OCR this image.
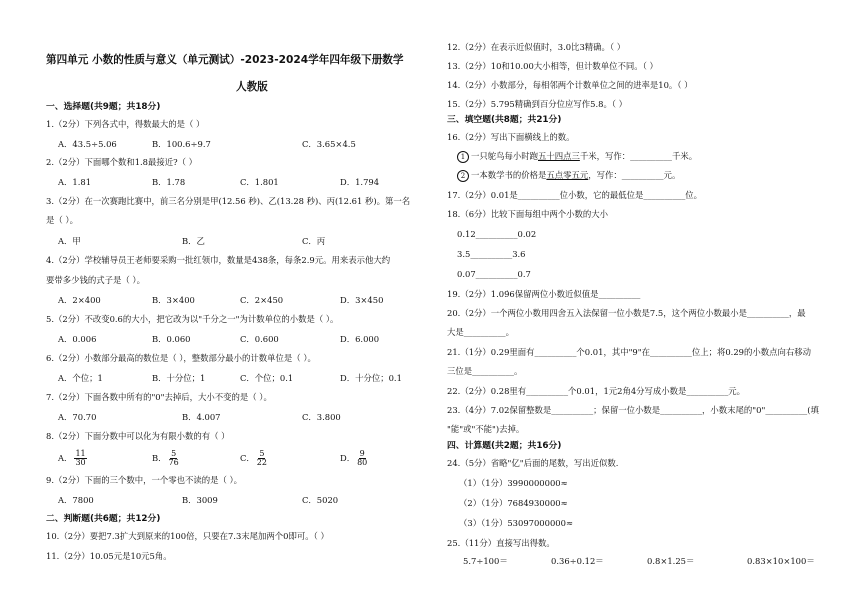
第四单元 小数的性质与意义（单元测试）-2023-2024学年四年级下册数学
人教版
一、选择题(共9题；共18分)
1.（2分）下列各式中，得数最大的是（ ）
A．43.5÷5.06	B．100.6÷9.7	C．3.65×4.5
2.（2分）下面哪个数和1.8最接近?（ ）
A．1.81	B．1.78	C．1.801	D．1.794
3.（2分）在一次赛跑比赛中，前三名分别是甲(12.56 秒)、乙(13.28 秒)、丙(12.61 秒)。第一名
是（ ）。
A．甲	B．乙	C．丙
4.（2分）学校辅导员王老师要采购一批红领巾，数量是438条，每条2.9元。用来表示他大约
要带多少钱的式子是（ ）。
A．2×400	B．3×400	C．2×450	D．3×450
5.（2分）不改变0.6的大小，把它改为以"千分之一"为计数单位的小数是（ ）。
A．0.006	B．0.060	C．0.600	D．6.000
6.（2分）小数部分最高的数位是（ ），整数部分最小的计数单位是（ ）。
A．个位；1	B．十分位；1	C．个位；0.1	D．十分位；0.1
7.（2分）下面各数中所有的"0"去掉后，大小不变的是（ ）。
A．70.70	B．4.007	C．3.800
8.（2分）下面分数中可以化为有限小数的有（ ）
A． $\frac{11}{30}$	B． $\frac{5}{76}$	C． $\frac{5}{22}$	D． $\frac{9}{80}$
9.（2分）下面的三个数中，一个零也不读的是（ ）。
A．7800	B．3009	C．5020
二、判断题(共6题；共12分)
10.（2分）要把7.3扩大到原来的100倍，只要在7.3末尾加两个0即可。（ ）
11.（2分）10.05元是10元5角。
12.（2分）在表示近似值时，3.0比3精确。（ ）
13.（2分）10和10.00大小相等，但计数单位不同。（ ）
14.（2分）小数部分，每相邻两个计数单位之间的进率是10。（ ）
15.（2分）5.795精确到百分位应写作5.8。（ ）
三、填空题(共8题；共21分)
16.（2分）写出下面横线上的数。
1 一只鸵鸟每小时跑五十四点三千米，写作：__________千米。
2 一本数学书的价格是五点零五元，写作：__________元。
17.（2分）0.01是__________位小数，它的最低位是__________位。
18.（6分）比较下面每组中两个小数的大小
0.12__________0.02
3.5__________3.6
0.07__________0.7
19.（2分）1.09̇6保留两位小数近似值是__________
20.（2分）一个两位小数用四舍五入法保留一位小数是7.5，这个两位小数最小是__________，最
大是__________。
21.（1分）0.29里面有__________个0.01，其中"9"在__________位上；将0.29的小数点向右移动
三位是__________。
22.（2分）0.28里有__________个0.01，1元2角4分写成小数是__________元。
23.（4分）7.02保留整数是__________；保留一位小数是__________，小数末尾的"0"__________(填
"能"或"不能")去掉。
四、计算题(共2题；共16分)
24.（5分）省略"亿"后面的尾数，写出近似数.
（1）（1分）3990000000≈
（2）（1分）7684930000≈
（3）（1分）53097000000≈
25.（11分）直接写出得数。
5.7÷100＝	0.36÷0.12＝	0.8×1.25＝	0.83×10×100＝
